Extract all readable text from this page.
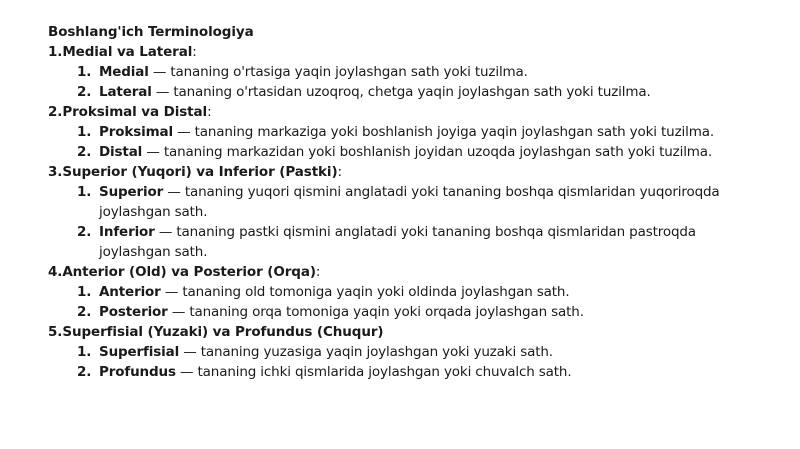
Boshlang'ich Terminologiya
1.Medial va Lateral:
1. Medial — tananing o'rtasiga yaqin joylashgan sath yoki tuzilma.
2. Lateral — tananing o'rtasidan uzoqroq, chetga yaqin joylashgan sath yoki tuzilma.
2.Proksimal va Distal:
1. Proksimal — tananing markaziga yoki boshlanish joyiga yaqin joylashgan sath yoki tuzilma.
2. Distal — tananing markazidan yoki boshlanish joyidan uzoqda joylashgan sath yoki tuzilma.
3.Superior (Yuqori) va Inferior (Pastki):
1. Superior — tananing yuqori qismini anglatadi yoki tananing boshqa qismlaridan yuqoriroqda joylashgan sath.
2. Inferior — tananing pastki qismini anglatadi yoki tananing boshqa qismlaridan pastroqda joylashgan sath.
4.Anterior (Old) va Posterior (Orqa):
1. Anterior — tananing old tomoniga yaqin yoki oldinda joylashgan sath.
2. Posterior — tananing orqa tomoniga yaqin yoki orqada joylashgan sath.
5.Superfisial (Yuzaki) va Profundus (Chuqur)
1. Superfisial — tananing yuzasiga yaqin joylashgan yoki yuzaki sath.
2. Profundus — tananing ichki qismlarida joylashgan yoki chuvalch sath.
